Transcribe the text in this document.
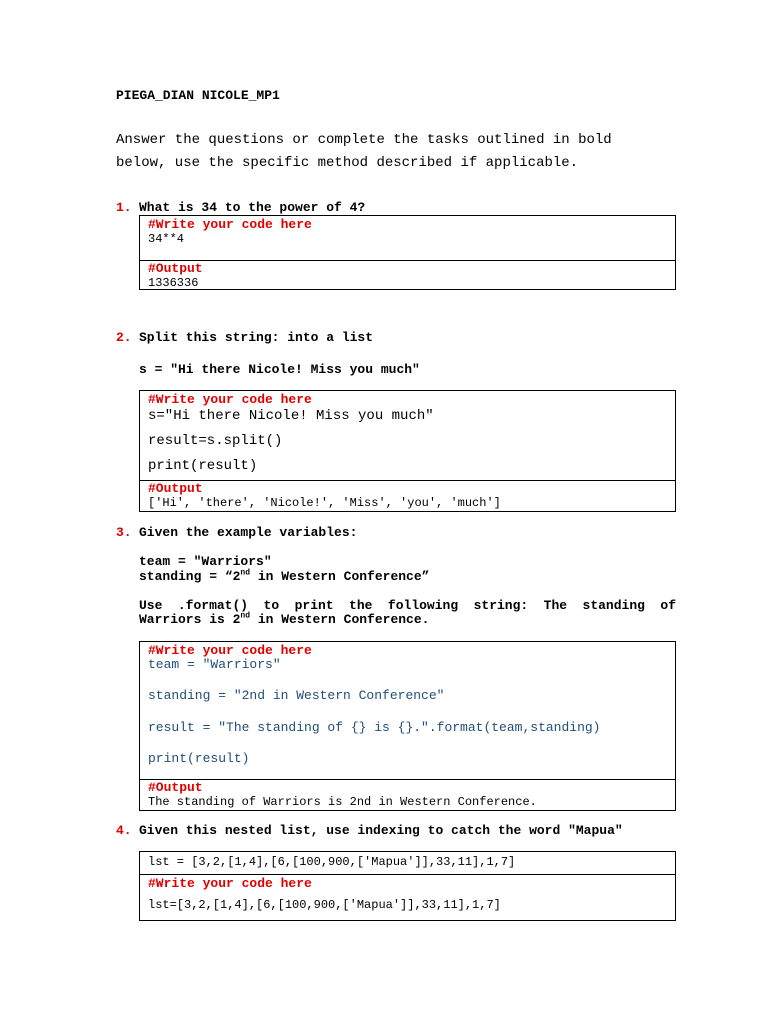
PIEGA_DIAN NICOLE_MP1
Answer the questions or complete the tasks outlined in bold
below, use the specific method described if applicable.
1. What is 34 to the power of 4?
#Write your code here
34**4
#Output
1336336
2. Split this string: into a list
s = "Hi there Nicole! Miss you much"
#Write your code here
s="Hi there Nicole! Miss you much"
result=s.split()
print(result)
#Output
['Hi', 'there', 'Nicole!', 'Miss', 'you', 'much']
3. Given the example variables:
team = "Warriors"
standing = “2nd in Western Conference”
Use .format() to print the following string: The standing of
Warriors is 2nd in Western Conference.
#Write your code here
team = "Warriors"
standing = "2nd in Western Conference"
result = "The standing of {} is {}.".format(team,standing)
print(result)
#Output
The standing of Warriors is 2nd in Western Conference.
4. Given this nested list, use indexing to catch the word "Mapua"
lst = [3,2,[1,4],[6,[100,900,['Mapua']],33,11],1,7]
#Write your code here
lst=[3,2,[1,4],[6,[100,900,['Mapua']],33,11],1,7]
